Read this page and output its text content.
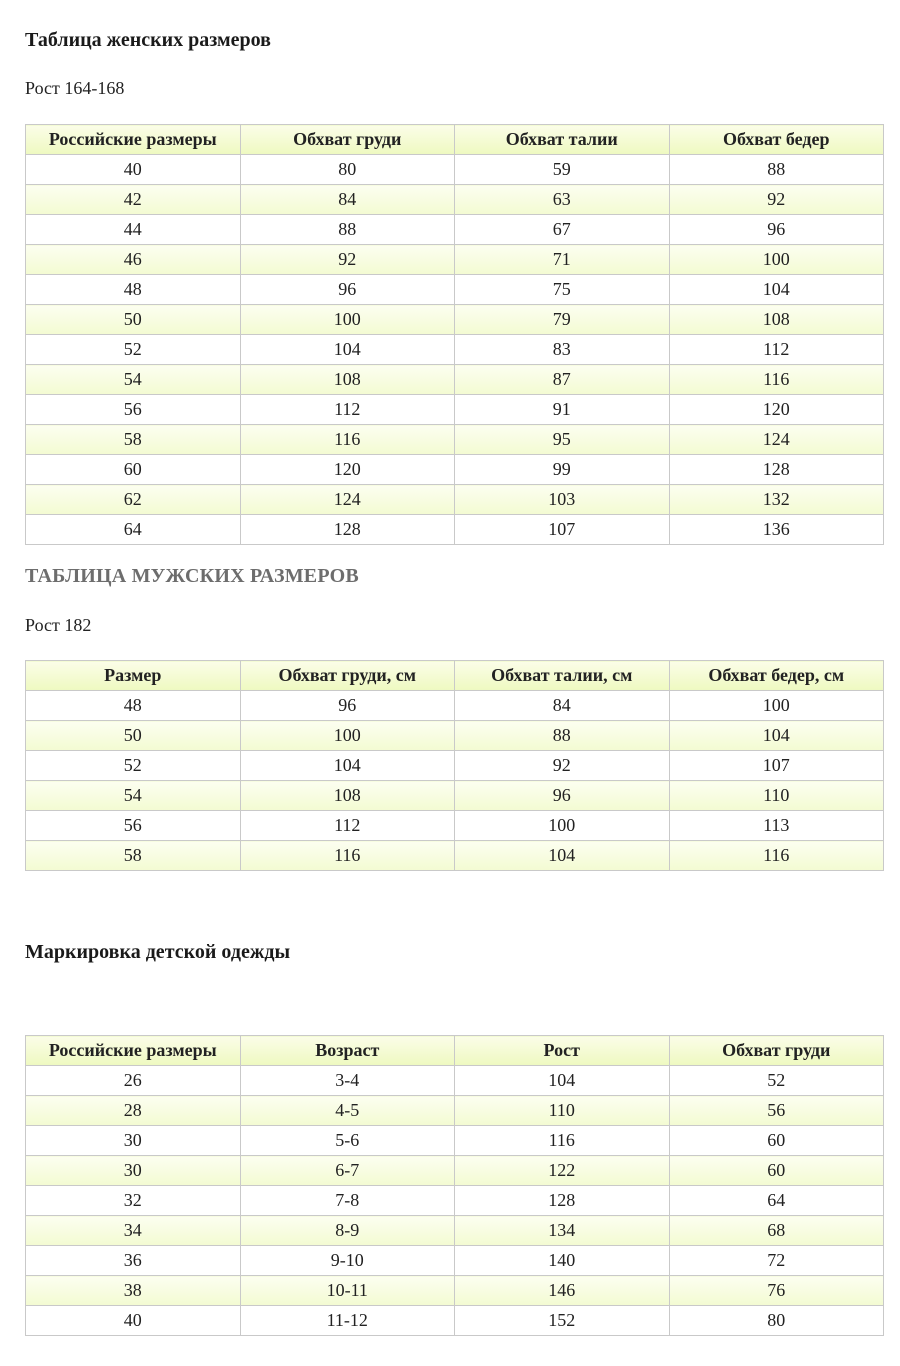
Таблица женских размеров

Рост 164-168

Российские размеры	Обхват груди	Обхват талии	Обхват бедер
40	80	59	88
42	84	63	92
44	88	67	96
46	92	71	100
48	96	75	104
50	100	79	108
52	104	83	112
54	108	87	116
56	112	91	120
58	116	95	124
60	120	99	128
62	124	103	132
64	128	107	136
ТАБЛИЦА МУЖСКИХ РАЗМЕРОВ

Рост 182

Размер	Обхват груди, см	Обхват талии, см	Обхват бедер, см
48	96	84	100
50	100	88	104
52	104	92	107
54	108	96	110
56	112	100	113
58	116	104	116
Маркировка детской одежды
Российские размеры	Возраст	Рост	Обхват груди
26	3-4	104	52
28	4-5	110	56
30	5-6	116	60
30	6-7	122	60
32	7-8	128	64
34	8-9	134	68
36	9-10	140	72
38	10-11	146	76
40	11-12	152	80
